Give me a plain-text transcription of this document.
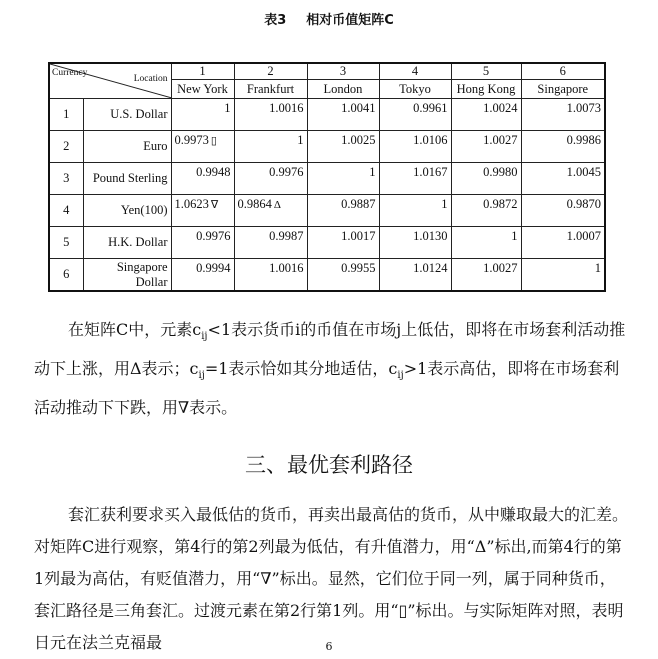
表3 相对币值矩阵C
Currency
Location		1	2	3	4	5	6
		New York	Frankfurt	London	Tokyo	Hong Kong	Singapore
1	U.S. Dollar	1	1.0016	1.0041	0.9961	1.0024	1.0073
2	Euro	0.9973 ▯	1	1.0025	1.0106	1.0027	0.9986
3	Pound Sterling	0.9948	0.9976	1	1.0167	0.9980	1.0045
4	Yen(100)	1.0623 ∇	0.9864 Δ	0.9887	1	0.9872	0.9870
5	H.K. Dollar	0.9976	0.9987	1.0017	1.0130	1	1.0007
6	Singapore Dollar	0.9994	1.0016	0.9955	1.0124	1.0027	1

在矩阵C中，元素$c_{ij}<1$表示货币i的币值在市场j上低估，即将在市场套利活动推动下上涨，用Δ表示；$c_{ij}=1$表示恰如其分地适估，$c_{ij}>1$表示高估，即将在市场套利活动推动下下跌，用∇表示。

三、最优套利路径

套汇获利要求买入最低估的货币，再卖出最高估的货币，从中赚取最大的汇差。对矩阵C进行观察，第4行的第2列最为低估，有升值潜力，用“Δ”标出,而第4行的第1列最为高估，有贬值潜力，用“∇”标出。显然，它们位于同一列，属于同种货币，套汇路径是三角套汇。过渡元素在第2行第1列。用“▯”标出。与实际矩阵对照，表明日元在法兰克福最	6
